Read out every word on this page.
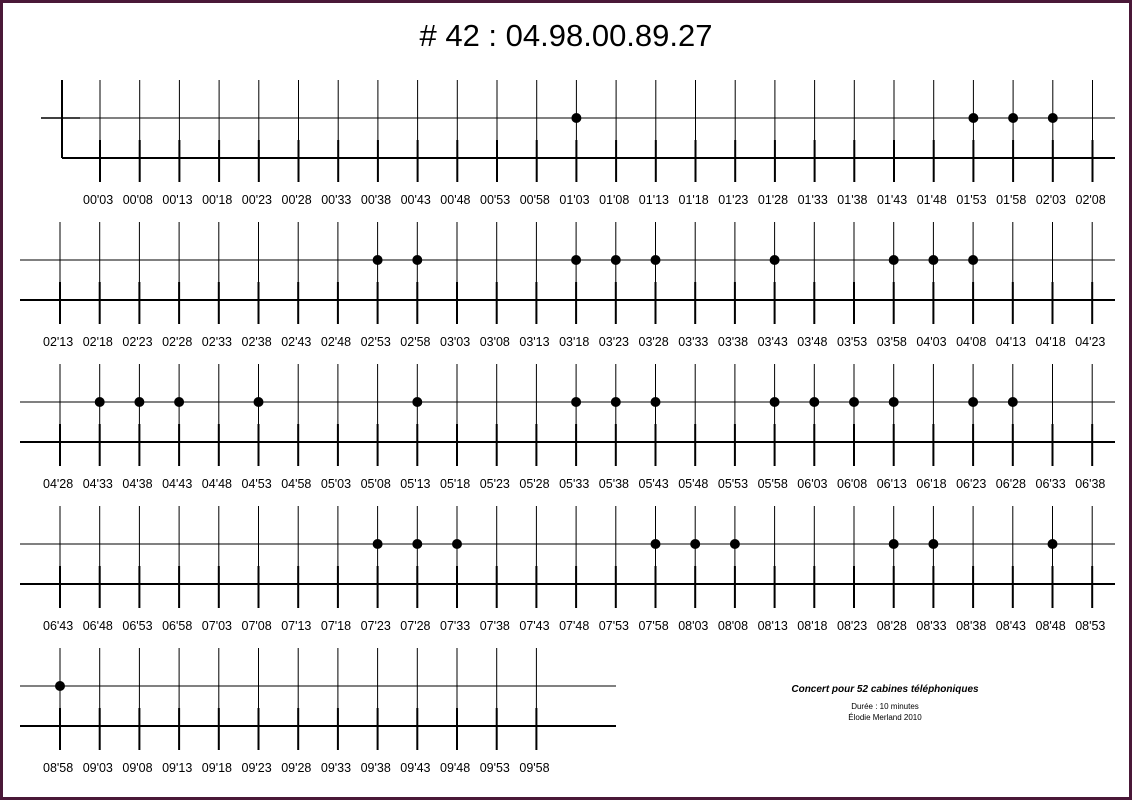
# 42 : 04.98.00.89.27
00'03 00'08 00'13 00'18 00'23 00'28 00'33 00'38 00'43 00'48 00'53 00'58 01'03 01'08 01'13 01'18 01'23 01'28 01'33 01'38 01'43 01'48 01'53 01'58 02'03 02'08
02'13 02'18 02'23 02'28 02'33 02'38 02'43 02'48 02'53 02'58 03'03 03'08 03'13 03'18 03'23 03'28 03'33 03'38 03'43 03'48 03'53 03'58 04'03 04'08 04'13 04'18 04'23
04'28 04'33 04'38 04'43 04'48 04'53 04'58 05'03 05'08 05'13 05'18 05'23 05'28 05'33 05'38 05'43 05'48 05'53 05'58 06'03 06'08 06'13 06'18 06'23 06'28 06'33 06'38
06'43 06'48 06'53 06'58 07'03 07'08 07'13 07'18 07'23 07'28 07'33 07'38 07'43 07'48 07'53 07'58 08'03 08'08 08'13 08'18 08'23 08'28 08'33 08'38 08'43 08'48 08'53
08'58 09'03 09'08 09'13 09'18 09'23 09'28 09'33 09'38 09'43 09'48 09'53 09'58
Concert pour 52 cabines téléphoniques
Durée : 10 minutes
Élodie Merland 2010
